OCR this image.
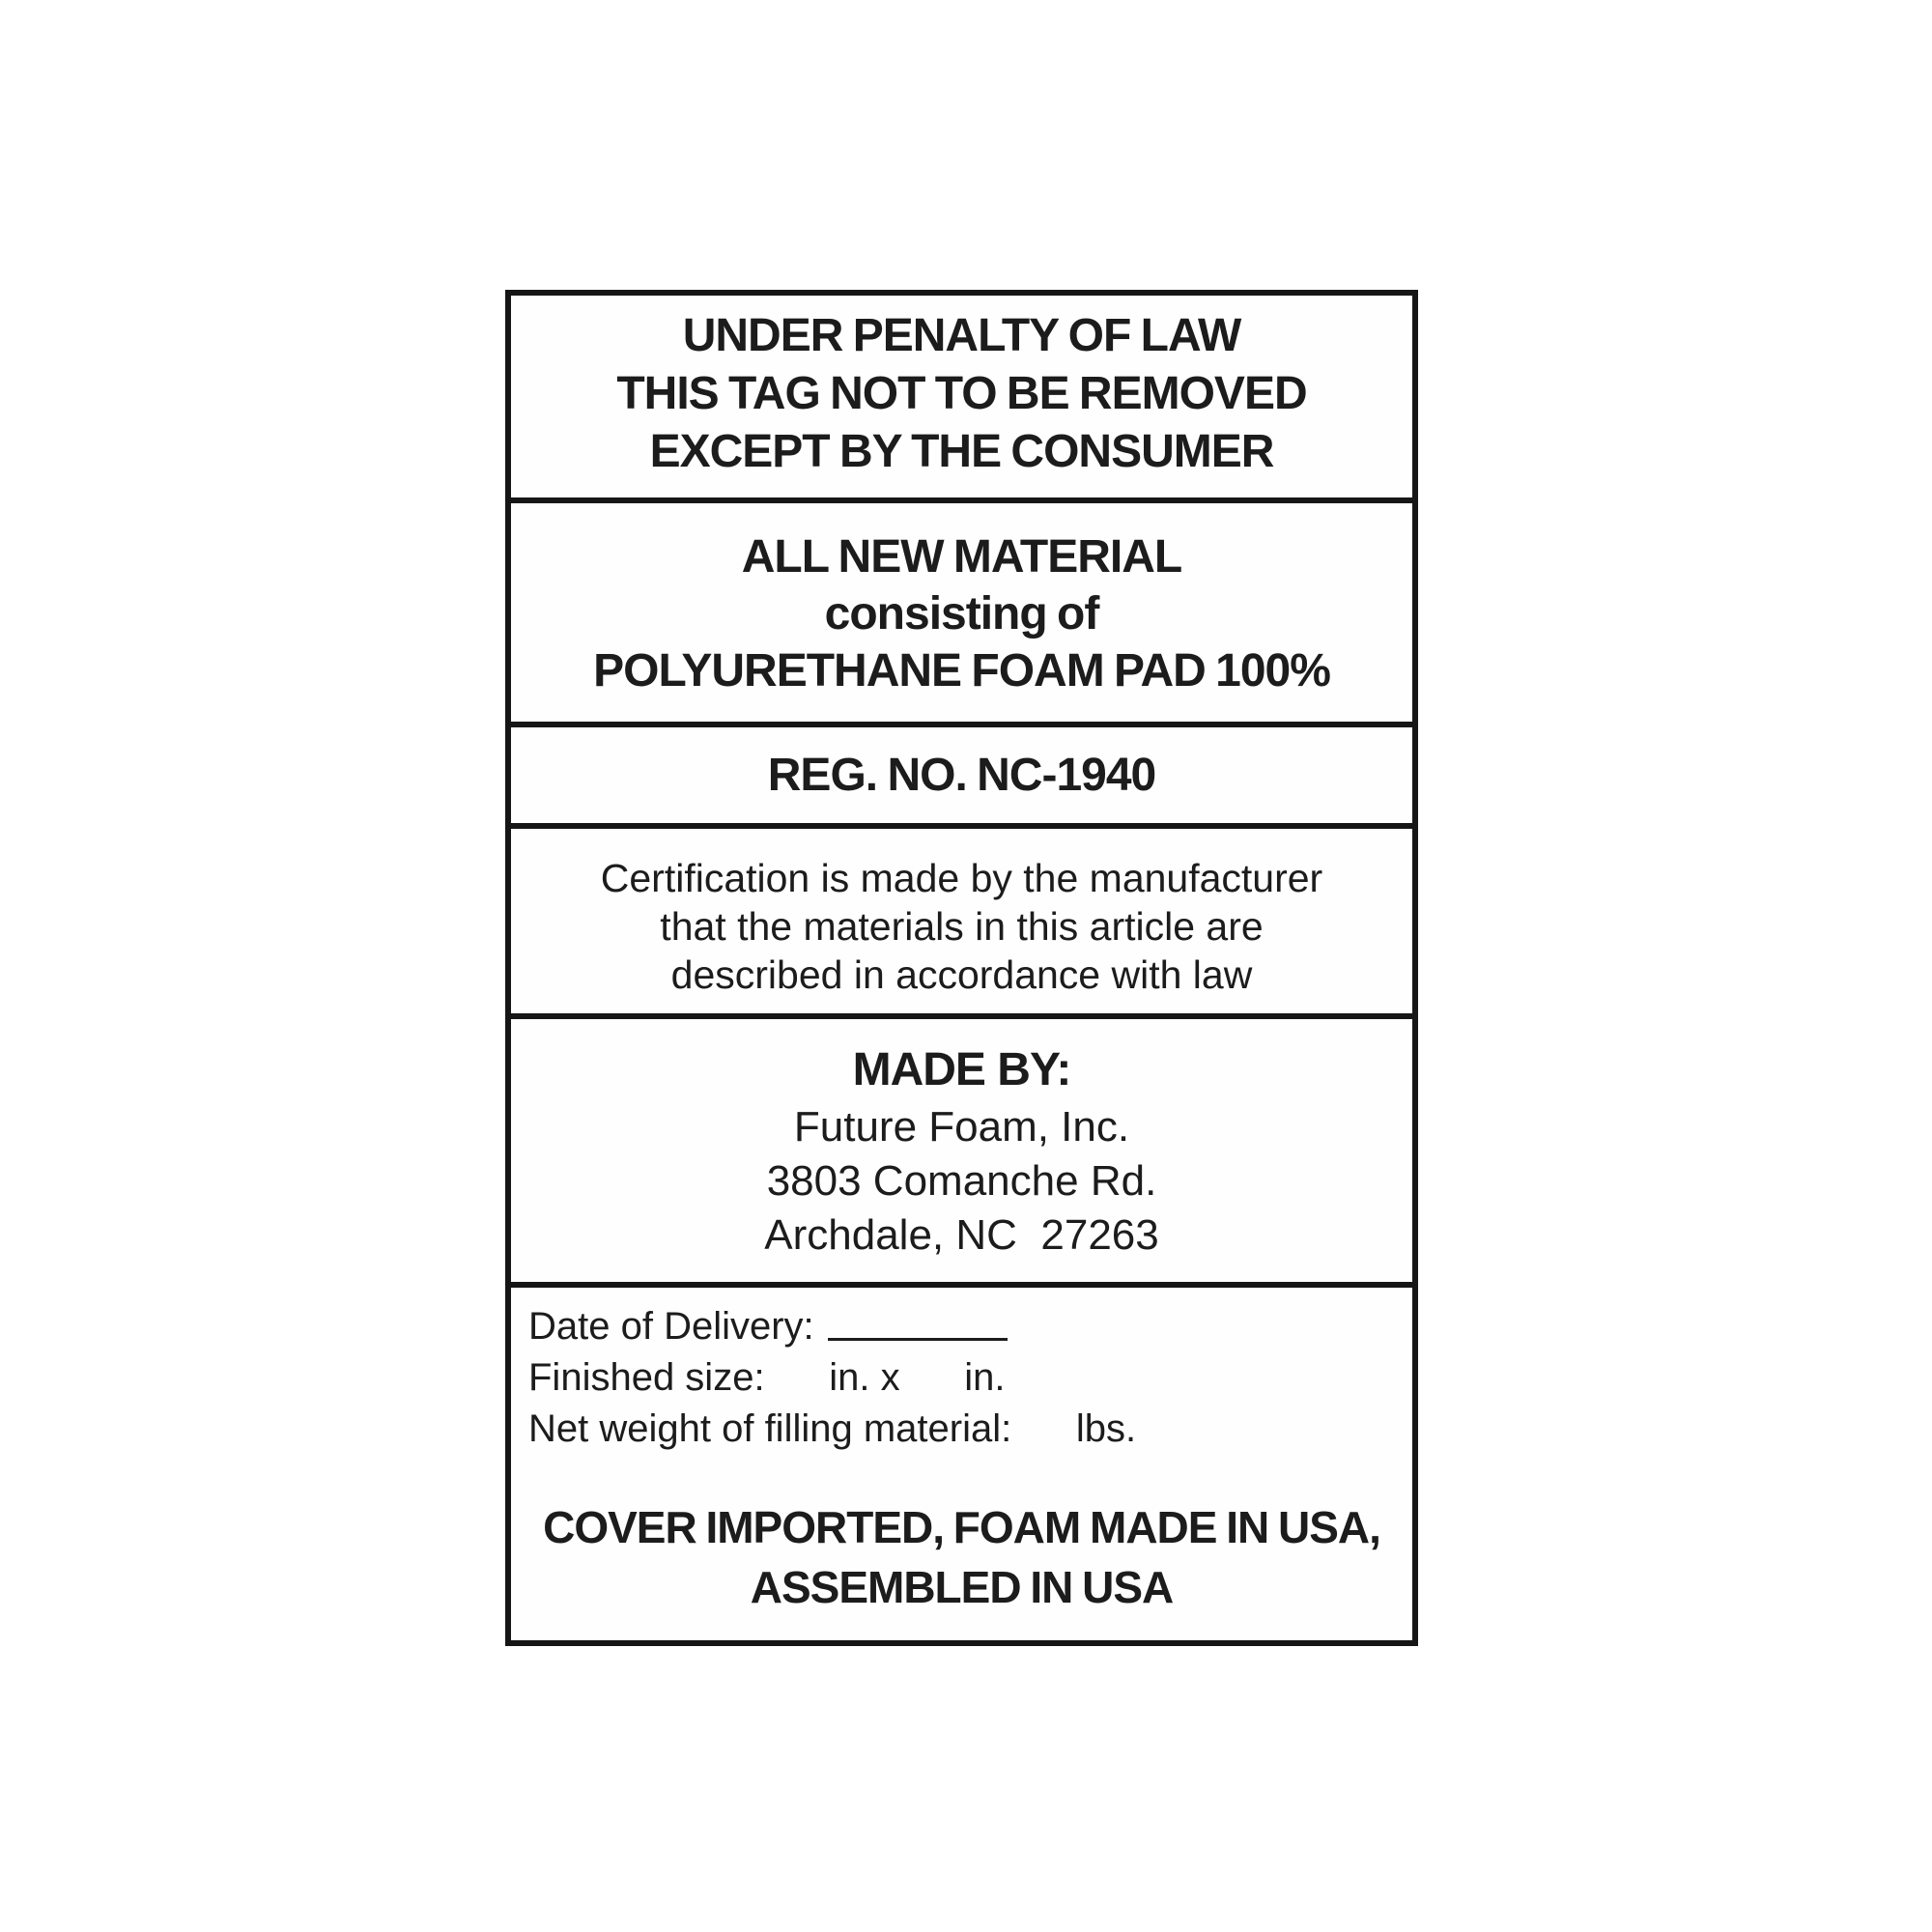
UNDER PENALTY OF LAW
THIS TAG NOT TO BE REMOVED
EXCEPT BY THE CONSUMER
ALL NEW MATERIAL
consisting of
POLYURETHANE FOAM PAD 100%
REG. NO. NC-1940
Certification is made by the manufacturer
that the materials in this article are
described in accordance with law
MADE BY:
Future Foam, Inc.
3803 Comanche Rd.
Archdale, NC  27263
Date of Delivery:
Finished size:      in. x      in.
Net weight of filling material:      lbs.
COVER IMPORTED, FOAM MADE IN USA,
ASSEMBLED IN USA
